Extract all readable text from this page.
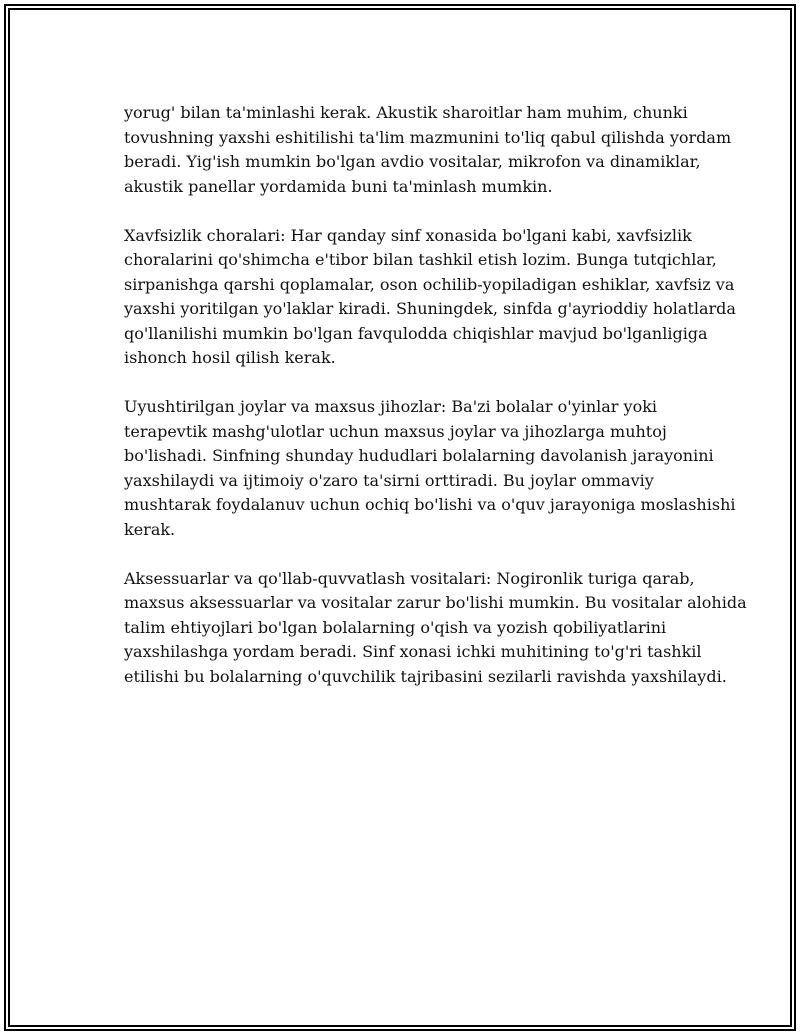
yorug' bilan ta'minlashi kerak. Akustik sharoitlar ham muhim, chunki
tovushning yaxshi eshitilishi ta'lim mazmunini to'liq qabul qilishda yordam
beradi. Yig'ish mumkin bo'lgan avdio vositalar, mikrofon va dinamiklar,
akustik panellar yordamida buni ta'minlash mumkin.

Xavfsizlik choralari: Har qanday sinf xonasida bo'lgani kabi, xavfsizlik
choralarini qo'shimcha e'tibor bilan tashkil etish lozim. Bunga tutqichlar,
sirpanishga qarshi qoplamalar, oson ochilib-yopiladigan eshiklar, xavfsiz va
yaxshi yoritilgan yo'laklar kiradi. Shuningdek, sinfda g'ayrioddiy holatlarda
qo'llanilishi mumkin bo'lgan favqulodda chiqishlar mavjud bo'lganligiga
ishonch hosil qilish kerak.

Uyushtirilgan joylar va maxsus jihozlar: Ba'zi bolalar o'yinlar yoki
terapevtik mashg'ulotlar uchun maxsus joylar va jihozlarga muhtoj
bo'lishadi. Sinfning shunday hududlari bolalarning davolanish jarayonini
yaxshilaydi va ijtimoiy o'zaro ta'sirni orttiradi. Bu joylar ommaviy
mushtarak foydalanuv uchun ochiq bo'lishi va o'quv jarayoniga moslashishi
kerak.

Aksessuarlar va qo'llab-quvvatlash vositalari: Nogironlik turiga qarab,
maxsus aksessuarlar va vositalar zarur bo'lishi mumkin. Bu vositalar alohida
talim ehtiyojlari bo'lgan bolalarning o'qish va yozish qobiliyatlarini
yaxshilashga yordam beradi. Sinf xonasi ichki muhitining to'g'ri tashkil
etilishi bu bolalarning o'quvchilik tajribasini sezilarli ravishda yaxshilaydi.
